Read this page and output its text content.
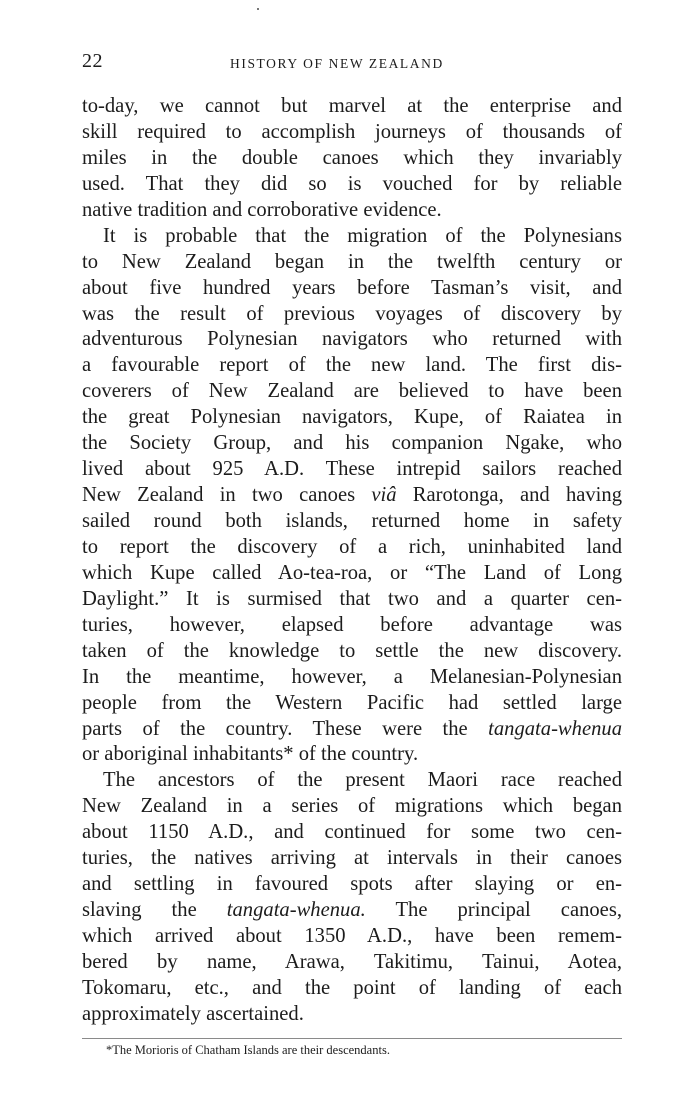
22	HISTORY OF NEW ZEALAND
to-day, we cannot but marvel at the enterprise and
skill required to accomplish journeys of thousands of
miles in the double canoes which they invariably
used. That they did so is vouched for by reliable
native tradition and corroborative evidence.
It is probable that the migration of the Polynesians
to New Zealand began in the twelfth century or
about five hundred years before Tasman’s visit, and
was the result of previous voyages of discovery by
adventurous Polynesian navigators who returned with
a favourable report of the new land. The first dis-
coverers of New Zealand are believed to have been
the great Polynesian navigators, Kupe, of Raiatea in
the Society Group, and his companion Ngake, who
lived about 925 A.D. These intrepid sailors reached
New Zealand in two canoes viâ Rarotonga, and having
sailed round both islands, returned home in safety
to report the discovery of a rich, uninhabited land
which Kupe called Ao-tea-roa, or “The Land of Long
Daylight.” It is surmised that two and a quarter cen-
turies, however, elapsed before advantage was
taken of the knowledge to settle the new discovery.
In the meantime, however, a Melanesian-Polynesian
people from the Western Pacific had settled large
parts of the country. These were the tangata-whenua
or aboriginal inhabitants* of the country.
The ancestors of the present Maori race reached
New Zealand in a series of migrations which began
about 1150 A.D., and continued for some two cen-
turies, the natives arriving at intervals in their canoes
and settling in favoured spots after slaying or en-
slaving the tangata-whenua. The principal canoes,
which arrived about 1350 A.D., have been remem-
bered by name, Arawa, Takitimu, Tainui, Aotea,
Tokomaru, etc., and the point of landing of each
approximately ascertained.
*The Morioris of Chatham Islands are their descendants.
